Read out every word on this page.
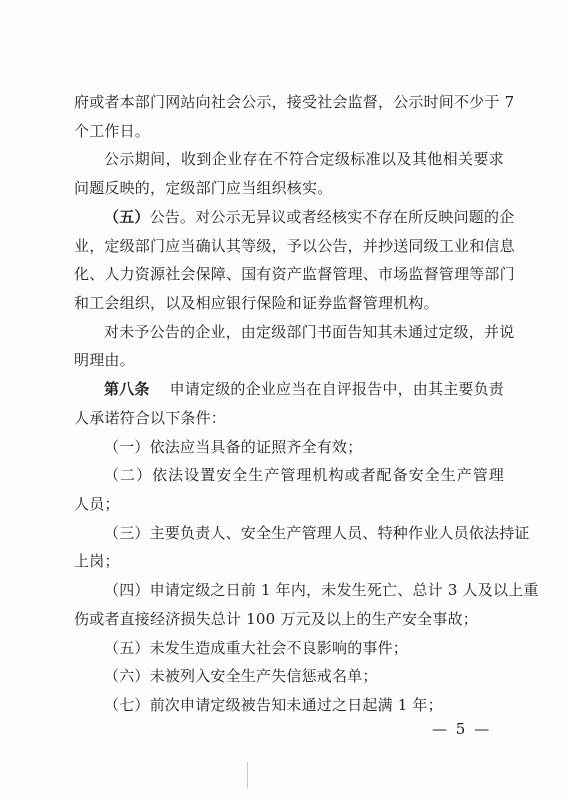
府或者本部门网站向社会公示，接受社会监督，公示时间不少于 7
个工作日。
公示期间，收到企业存在不符合定级标准以及其他相关要求
问题反映的，定级部门应当组织核实。
（五）公告。对公示无异议或者经核实不存在所反映问题的企
业，定级部门应当确认其等级，予以公告，并抄送同级工业和信息
化、人力资源社会保障、国有资产监督管理、市场监督管理等部门
和工会组织，以及相应银行保险和证券监督管理机构。
对未予公告的企业，由定级部门书面告知其未通过定级，并说
明理由。
第八条 申请定级的企业应当在自评报告中，由其主要负责
人承诺符合以下条件：
（一）依法应当具备的证照齐全有效；
（二）依法设置安全生产管理机构或者配备安全生产管理
人员；
（三）主要负责人、安全生产管理人员、特种作业人员依法持证
上岗；
（四）申请定级之日前 1 年内，未发生死亡、总计 3 人及以上重
伤或者直接经济损失总计 100 万元及以上的生产安全事故；
（五）未发生造成重大社会不良影响的事件；
（六）未被列入安全生产失信惩戒名单；
（七）前次申请定级被告知未通过之日起满 1 年；
— 5 —
